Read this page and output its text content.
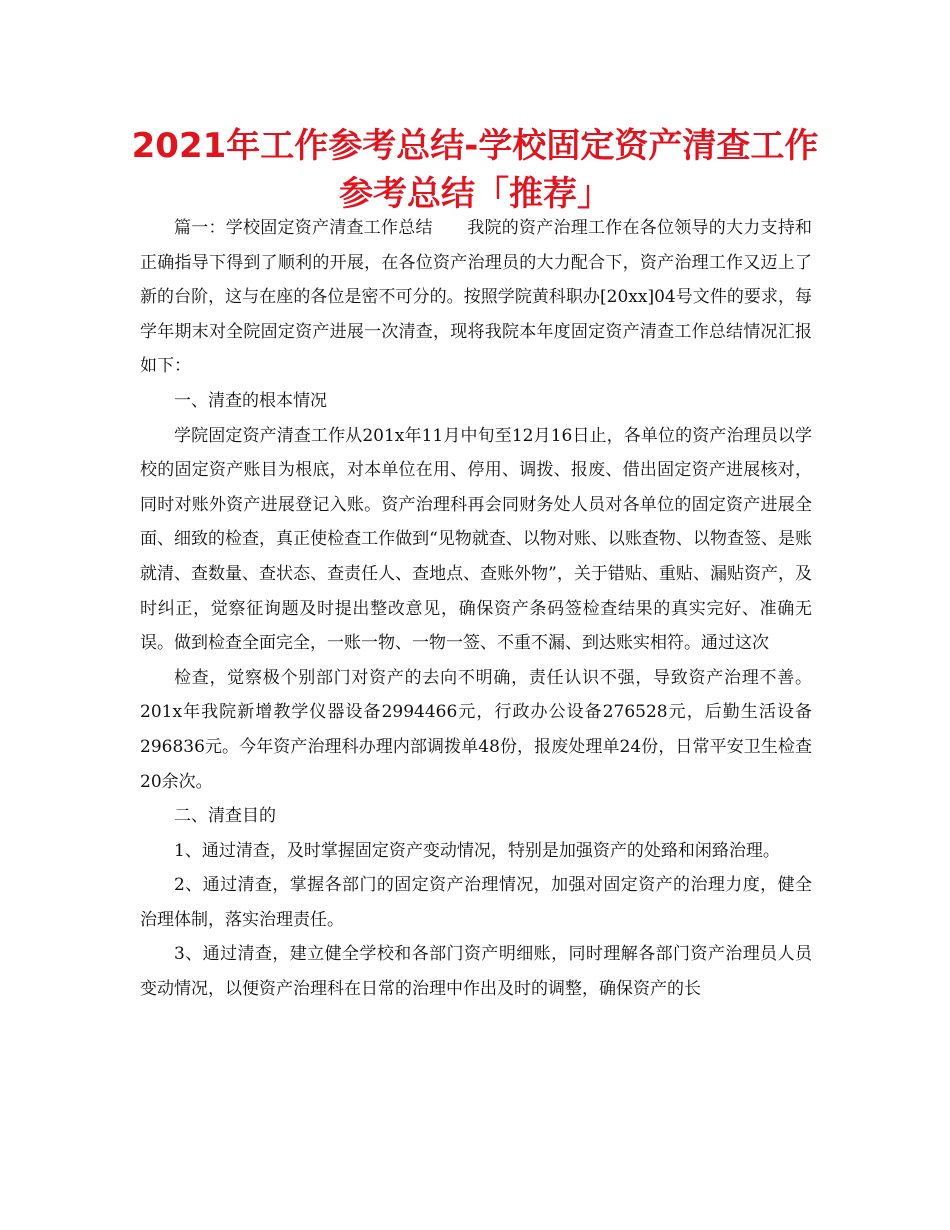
2021年工作参考总结-学校固定资产清查工作参考总结「推荐」

篇一：学校固定资产清查工作总结　　我院的资产治理工作在各位领导的大力支持和正确指导下得到了顺利的开展，在各位资产治理员的大力配合下，资产治理工作又迈上了新的台阶，这与在座的各位是密不可分的。按照学院黄科职办[20xx]04号文件的要求，每学年期末对全院固定资产进展一次清查，现将我院本年度固定资产清查工作总结情况汇报如下：

一、清查的根本情况

学院固定资产清查工作从201x年11月中旬至12月16日止，各单位的资产治理员以学校的固定资产账目为根底，对本单位在用、停用、调拨、报废、借出固定资产进展核对，同时对账外资产进展登记入账。资产治理科再会同财务处人员对各单位的固定资产进展全面、细致的检查，真正使检查工作做到“见物就查、以物对账、以账查物、以物查签、是账就清、查数量、查状态、查责任人、查地点、查账外物”，关于错贴、重贴、漏贴资产，及时纠正，觉察征询题及时提出整改意见，确保资产条码签检查结果的真实完好、准确无误。做到检查全面完全，一账一物、一物一签、不重不漏、到达账实相符。通过这次

检查，觉察极个别部门对资产的去向不明确，责任认识不强，导致资产治理不善。201x年我院新增教学仪器设备2994466元，行政办公设备276528元，后勤生活设备296836元。今年资产治理科办理内部调拨单48份，报废处理单24份，日常平安卫生检查20余次。

二、清查目的

1、通过清查，及时掌握固定资产变动情况，特别是加强资产的处臵和闲臵治理。

2、通过清查，掌握各部门的固定资产治理情况，加强对固定资产的治理力度，健全治理体制，落实治理责任。

3、通过清查，建立健全学校和各部门资产明细账，同时理解各部门资产治理员人员变动情况，以便资产治理科在日常的治理中作出及时的调整，确保资产的长
